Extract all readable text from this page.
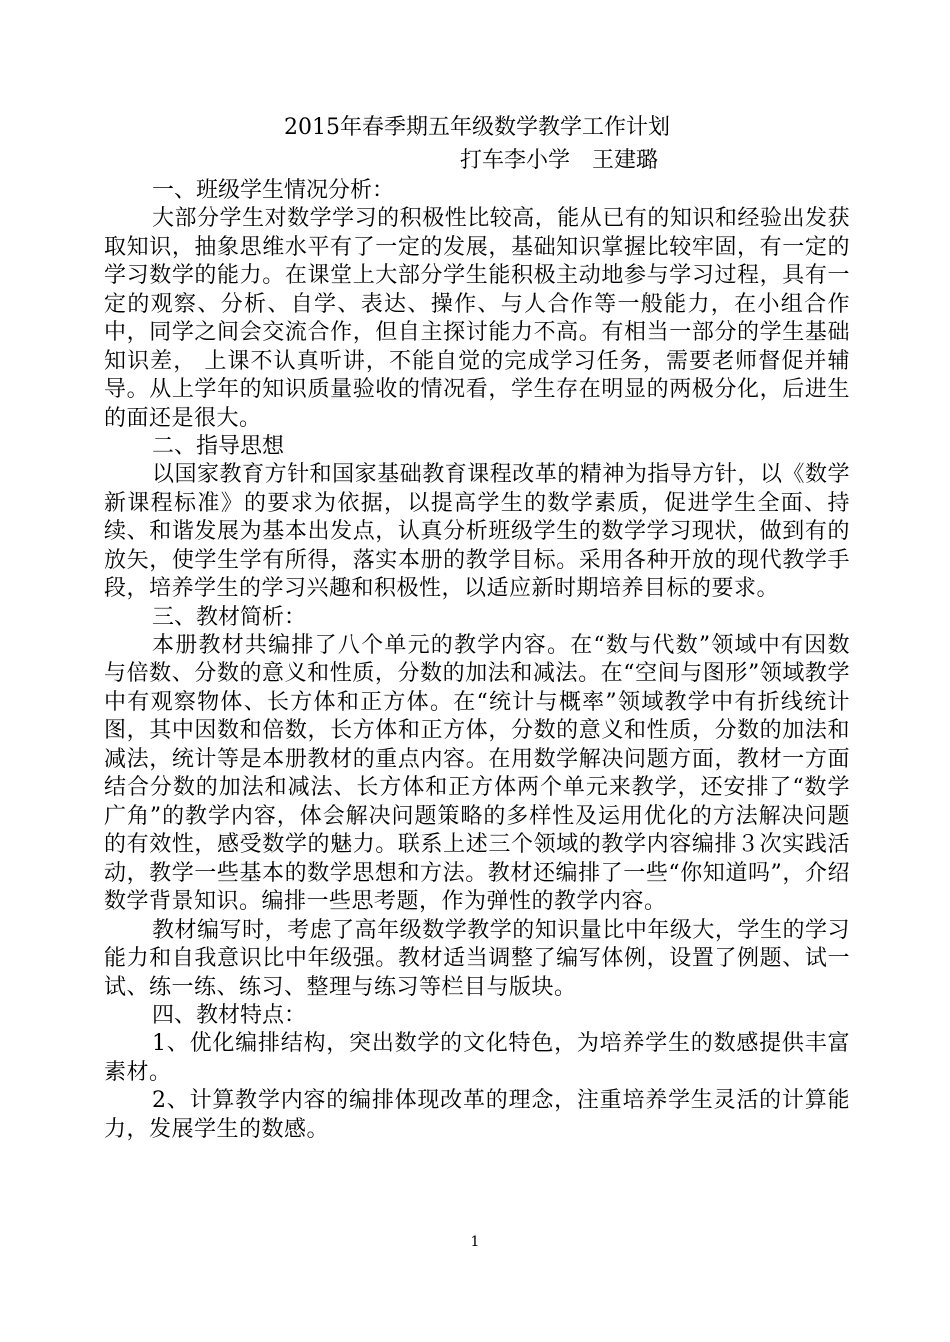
2015年春季期五年级数学教学工作计划

打车李小学　王建璐

一、班级学生情况分析：

大部分学生对数学学习的积极性比较高，能从已有的知识和经验出发获取知识，抽象思维水平有了一定的发展，基础知识掌握比较牢固，有一定的学习数学的能力。在课堂上大部分学生能积极主动地参与学习过程，具有一定的观察、分析、自学、表达、操作、与人合作等一般能力，在小组合作中，同学之间会交流合作，但自主探讨能力不高。有相当一部分的学生基础知识差， 上课不认真听讲，不能自觉的完成学习任务，需要老师督促并辅导。从上学年的知识质量验收的情况看，学生存在明显的两极分化，后进生的面还是很大。

二、指导思想

以国家教育方针和国家基础教育课程改革的精神为指导方针，以《数学新课程标准》的要求为依据，以提高学生的数学素质，促进学生全面、持续、和谐发展为基本出发点，认真分析班级学生的数学学习现状，做到有的放矢，使学生学有所得，落实本册的教学目标。采用各种开放的现代教学手段，培养学生的学习兴趣和积极性，以适应新时期培养目标的要求。

三、教材简析：

本册教材共编排了八个单元的教学内容。在“数与代数”领域中有因数与倍数、分数的意义和性质，分数的加法和减法。在“空间与图形”领域教学中有观察物体、长方体和正方体。在“统计与概率”领域教学中有折线统计图，其中因数和倍数，长方体和正方体，分数的意义和性质，分数的加法和减法，统计等是本册教材的重点内容。在用数学解决问题方面，教材一方面结合分数的加法和减法、长方体和正方体两个单元来教学，还安排了“数学广角”的教学内容，体会解决问题策略的多样性及运用优化的方法解决问题的有效性，感受数学的魅力。联系上述三个领域的教学内容编排３次实践活动，教学一些基本的数学思想和方法。教材还编排了一些“你知道吗”，介绍数学背景知识。编排一些思考题，作为弹性的教学内容。

教材编写时，考虑了高年级数学教学的知识量比中年级大，学生的学习能力和自我意识比中年级强。教材适当调整了编写体例，设置了例题、试一试、练一练、练习、整理与练习等栏目与版块。

四、教材特点：

1、优化编排结构，突出数学的文化特色，为培养学生的数感提供丰富素材。

2、计算教学内容的编排体现改革的理念，注重培养学生灵活的计算能力，发展学生的数感。

1
